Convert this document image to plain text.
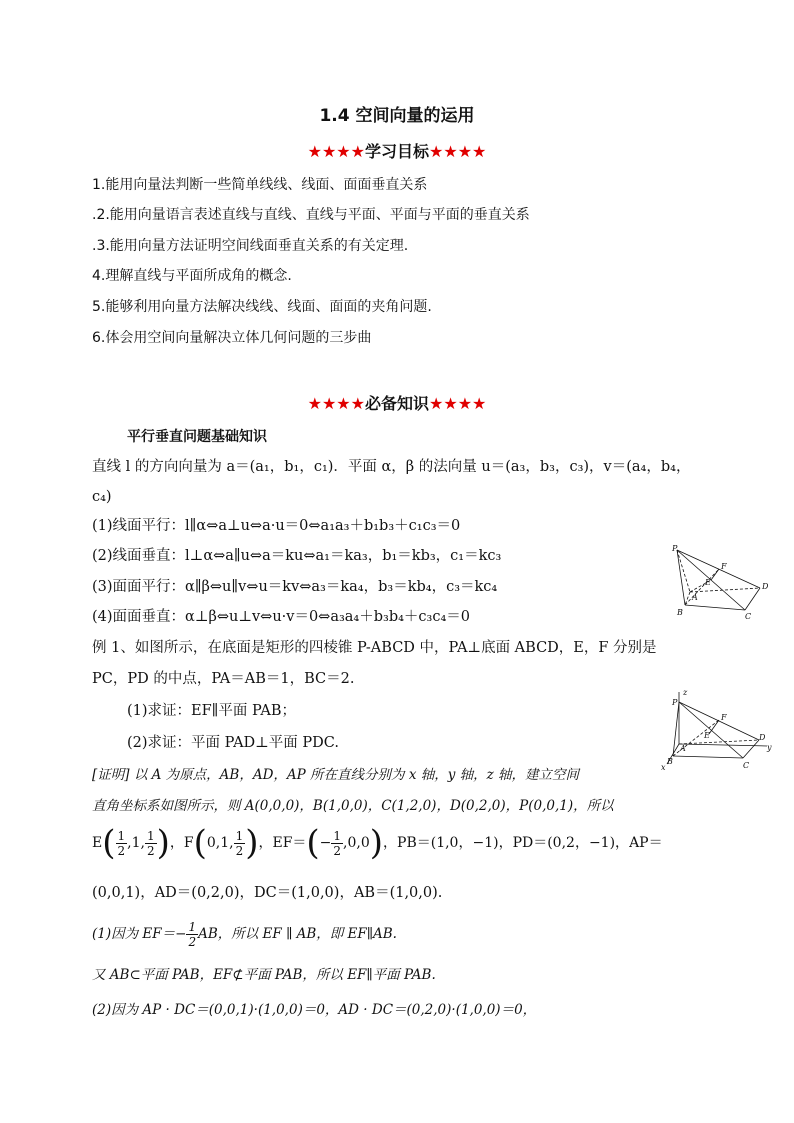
1.4 空间向量的运用
★★★★学习目标★★★★
1.能用向量法判断一些简单线线、线面、面面垂直关系
.2.能用向量语言表述直线与直线、直线与平面、平面与平面的垂直关系
.3.能用向量方法证明空间线面垂直关系的有关定理.
4.理解直线与平面所成角的概念.
5.能够利用向量方法解决线线、线面、面面的夹角问题.
6.体会用空间向量解决立体几何问题的三步曲
★★★★必备知识★★★★
平行垂直问题基础知识
直线 l 的方向向量为 a＝(a₁，b₁，c₁)．平面 α，β 的法向量 u＝(a₃，b₃，c₃)，v＝(a₄，b₄，
c₄)
(1)线面平行：l∥α⇔a⊥u⇔a·u＝0⇔a₁a₃＋b₁b₃＋c₁c₃＝0
(2)线面垂直：l⊥α⇔a∥u⇔a＝ku⇔a₁＝ka₃，b₁＝kb₃，c₁＝kc₃
(3)面面平行：α∥β⇔u∥v⇔u＝kv⇔a₃＝ka₄，b₃＝kb₄，c₃＝kc₄
(4)面面垂直：α⊥β⇔u⊥v⇔u·v＝0⇔a₃a₄＋b₃b₄＋c₃c₄＝0
例 1、如图所示，在底面是矩形的四棱锥 P-ABCD 中，PA⊥底面 ABCD，E，F 分别是
PC，PD 的中点，PA＝AB＝1，BC＝2.
(1)求证：EF∥平面 PAB；
(2)求证：平面 PAD⊥平面 PDC.
[证明] 以 A 为原点，AB，AD，AP 所在直线分别为 x 轴，y 轴，z 轴，建立空间
直角坐标系如图所示，则 A(0,0,0)，B(1,0,0)，C(1,2,0)，D(0,2,0)，P(0,0,1)，所以
$E( \frac{1}{2} ,1$, $\frac{1}{2}$ )，F(0,1, $\frac{1}{2}$ )，$EF=(- \frac{1}{2} ,0,0)$，PB＝(1,0，−1)，PD＝(0,2，−1)，AP＝
(0,0,1)，AD＝(0,2,0)，DC＝(1,0,0)，AB＝(1,0,0).
(1)因为 $EF=- \frac{1}{2}$ AB，所以 EF ∥ AB，即 EF∥AB.
又 AB⊂平面 PAB，EF⊄平面 PAB，所以 EF∥平面 PAB.
(2)因为 AP · DC＝(0,0,1)·(1,0,0)＝0，AD · DC＝(0,2,0)·(1,0,0)＝0，
P
F
E
A
D
B	C
z
P
F
E
A
D
y
B	C
x
